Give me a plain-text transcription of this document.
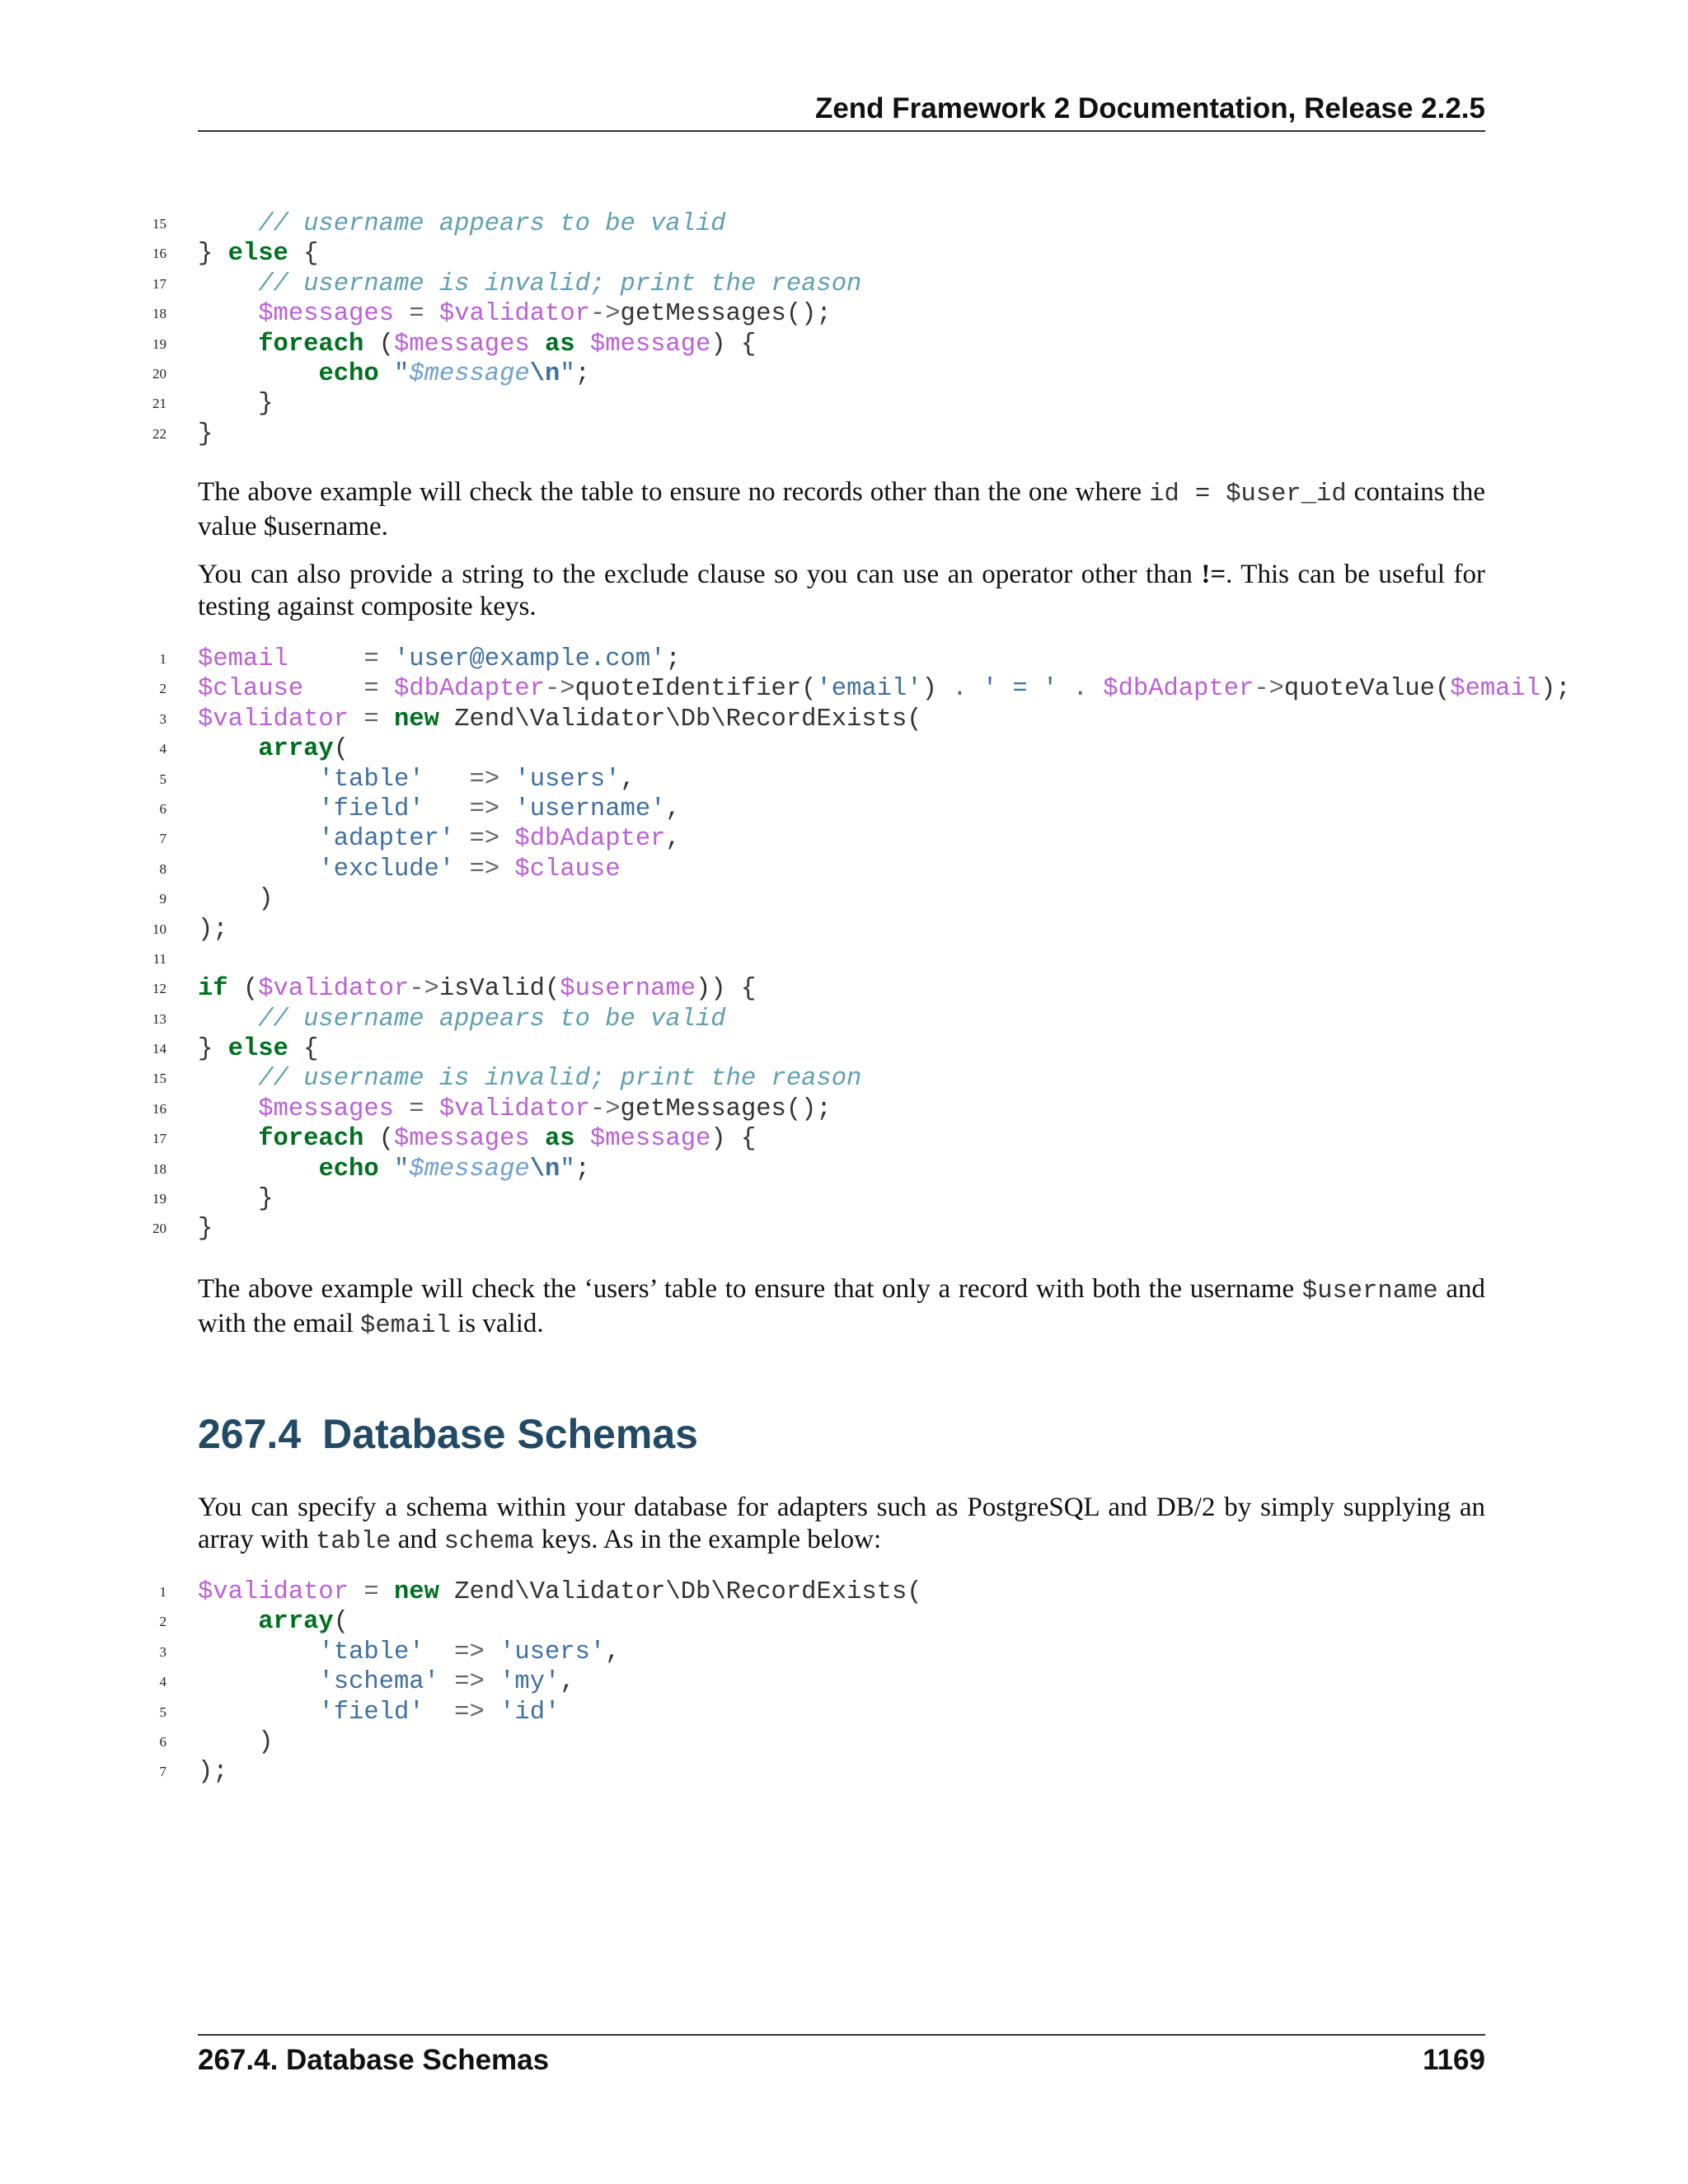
Zend Framework 2 Documentation, Release 2.2.5
15 // username appears to be valid
16 } else {
17 // username is invalid; print the reason
18	$messages = $validator->getMessages();
19	foreach ($messages as $message) {
20	echo "$message\n";
21 }
22 }

The above example will check the table to ensure no records other than the one where id = $user_id contains the value $username.

You can also provide a string to the exclude clause so you can use an operator other than !=. This can be useful for testing against composite keys.

1 $email	= 'user@example.com';
2 $clause = $dbAdapter->quoteIdentifier('email') . ' = ' . $dbAdapter->quoteValue($email);
3 $validator = new Zend\Validator\Db\RecordExists(
4	array(
5	'table' => 'users',
6	'field' => 'username',
7	'adapter' => $dbAdapter,
8	'exclude' => $clause
9 )
10 );
11
12 if ($validator->isValid($username)) {
13 // username appears to be valid
14 } else {
15 // username is invalid; print the reason
16	$messages = $validator->getMessages();
17	foreach ($messages as $message) {
18	echo "$message\n";
19 }
20 }

The above example will check the ‘users’ table to ensure that only a record with both the username $username and with the email $email is valid.

267.4 Database Schemas

You can specify a schema within your database for adapters such as PostgreSQL and DB/2 by simply supplying an array with table and schema keys. As in the example below:

1 $validator = new Zend\Validator\Db\RecordExists(
2	array(
3	'table' => 'users',
4	'schema' => 'my',
5	'field' => 'id'
6 )
7 );
267.4. Database Schemas	1169
